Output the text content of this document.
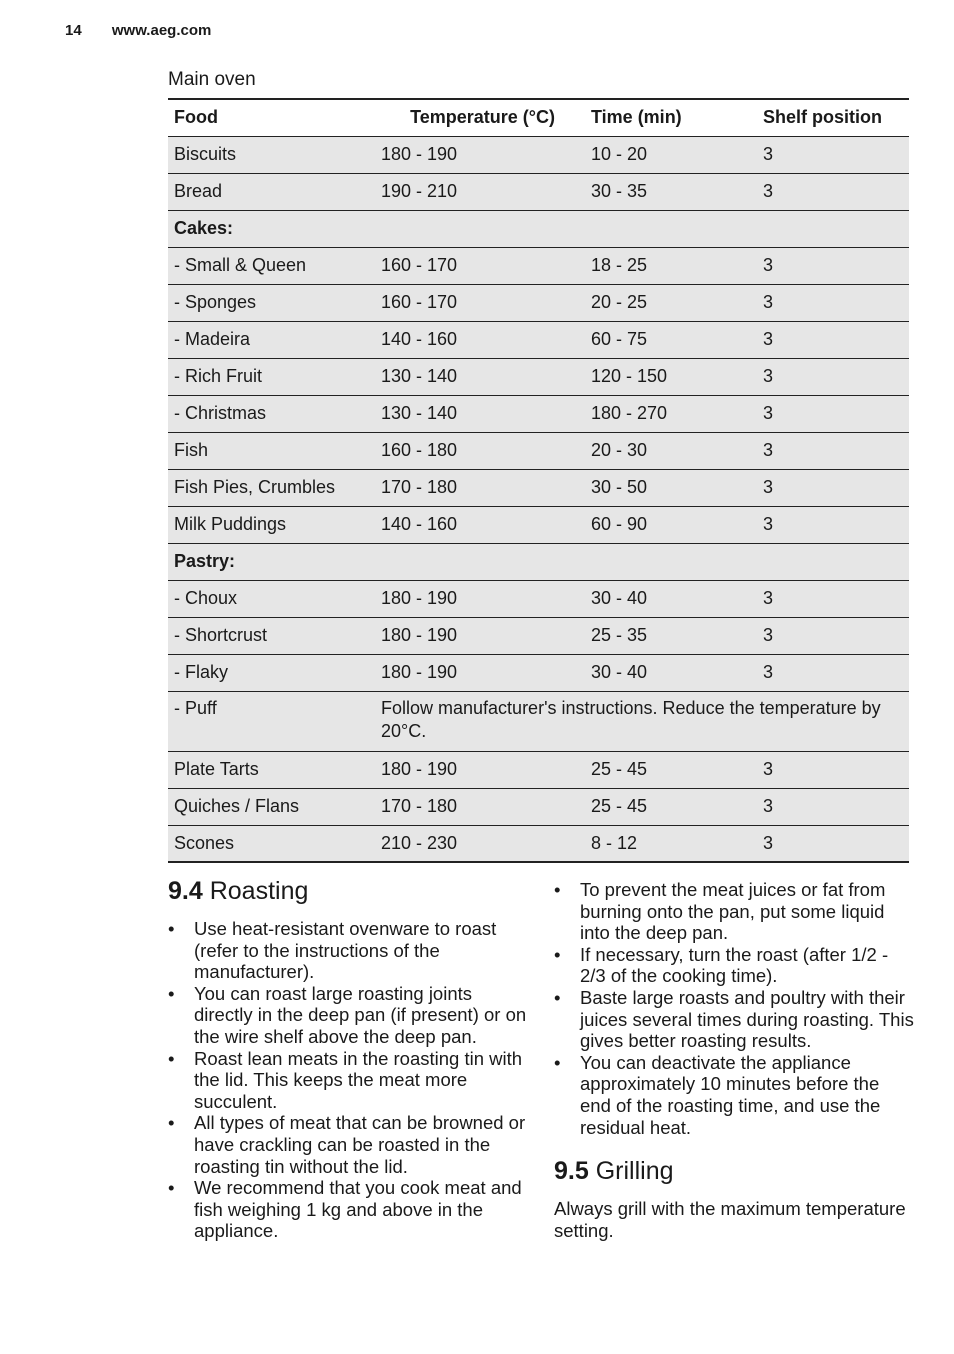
14 www.aeg.com
Main oven
Food	Temperature (°C)	Time (min)	Shelf position
Biscuits	180 - 190	10 - 20	3
Bread	190 - 210	30 - 35	3
Cakes:			
- Small & Queen	160 - 170	18 - 25	3
- Sponges	160 - 170	20 - 25	3
- Madeira	140 - 160	60 - 75	3
- Rich Fruit	130 - 140	120 - 150	3
- Christmas	130 - 140	180 - 270	3
Fish	160 - 180	20 - 30	3
Fish Pies, Crumbles	170 - 180	30 - 50	3
Milk Puddings	140 - 160	60 - 90	3
Pastry:			
- Choux	180 - 190	30 - 40	3
- Shortcrust	180 - 190	25 - 35	3
- Flaky	180 - 190	30 - 40	3
- Puff	Follow manufacturer's instructions. Reduce the temperature by 20°C.		
Plate Tarts	180 - 190	25 - 45	3
Quiches / Flans	170 - 180	25 - 45	3
Scones	210 - 230	8 - 12	3
9.4 Roasting
• Use heat-resistant ovenware to roast (refer to the instructions of the manufacturer).
• You can roast large roasting joints directly in the deep pan (if present) or on the wire shelf above the deep pan.
• Roast lean meats in the roasting tin with the lid. This keeps the meat more succulent.
• All types of meat that can be browned or have crackling can be roasted in the roasting tin without the lid.
• We recommend that you cook meat and fish weighing 1 kg and above in the appliance.
• To prevent the meat juices or fat from burning onto the pan, put some liquid into the deep pan.
• If necessary, turn the roast (after 1/2 - 2/3 of the cooking time).
• Baste large roasts and poultry with their juices several times during roasting. This gives better roasting results.
• You can deactivate the appliance approximately 10 minutes before the end of the roasting time, and use the residual heat.
9.5 Grilling

Always grill with the maximum temperature setting.
